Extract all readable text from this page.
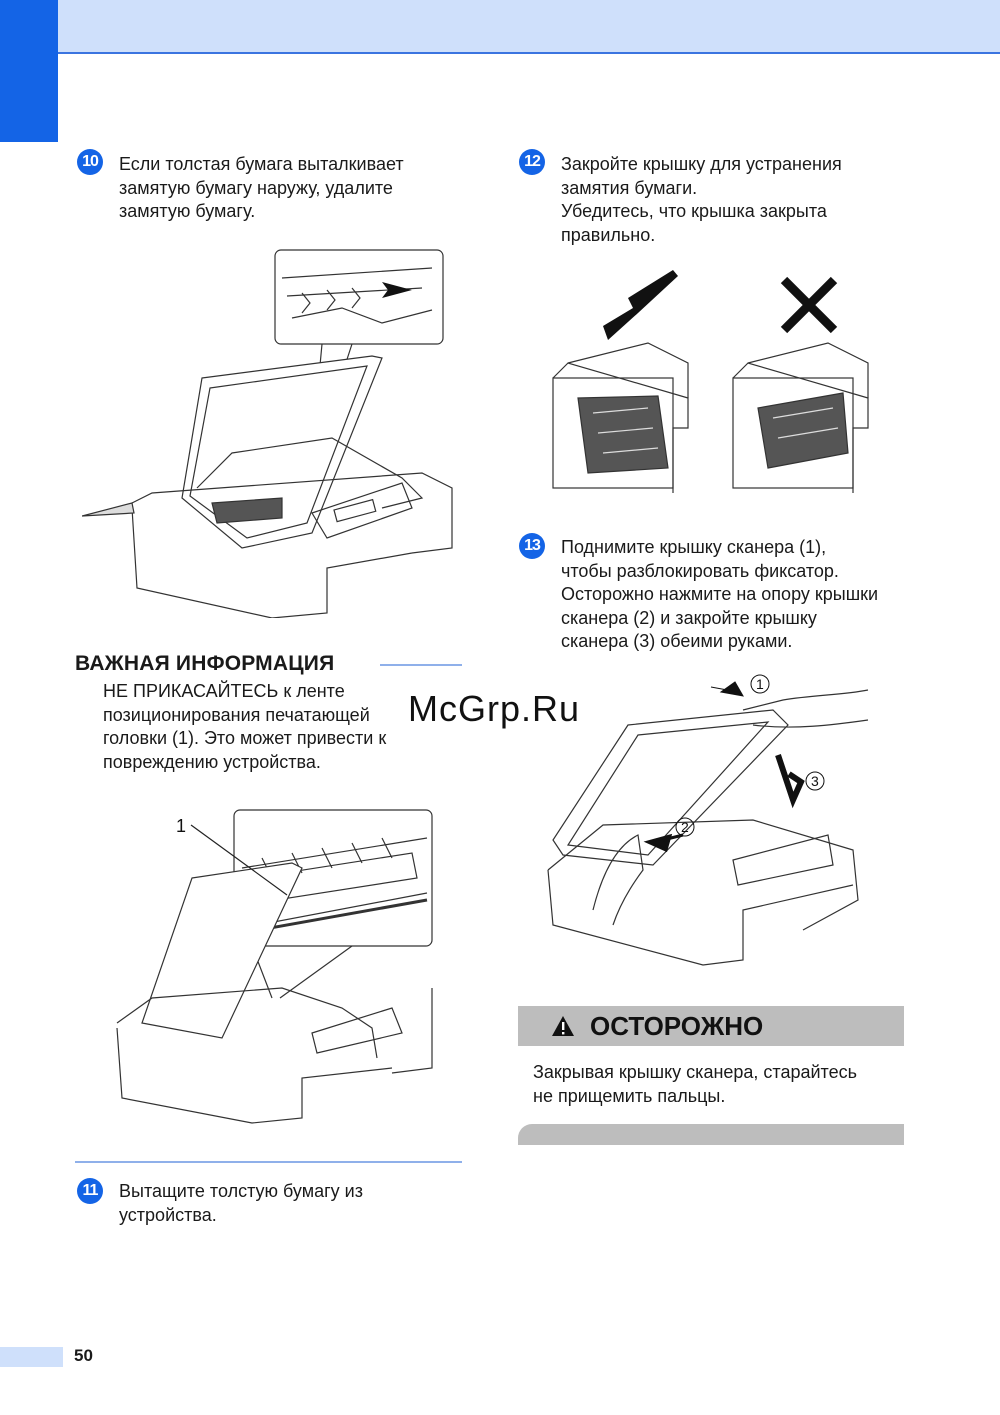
10 Если толстая бумага выталкивает
замятую бумагу наружу, удалите
замятую бумагу.
ВАЖНАЯ ИНФОРМАЦИЯ
НЕ ПРИКАСАЙТЕСЬ к ленте
позиционирования печатающей
головки (1). Это может привести к
повреждению устройства.
1
11	Вытащите толстую бумагу из
устройства.
12 Закройте крышку для устранения
замятия бумаги.
Убедитесь, что крышка закрыта
правильно.
13 Поднимите крышку сканера (1),
чтобы разблокировать фиксатор.
Осторожно нажмите на опору крышки
сканера (2) и закройте крышку
сканера (3) обеими руками.
1
2
3
ОСТОРОЖНО
Закрывая крышку сканера, старайтесь
не прищемить пальцы.
McGrp.Ru
50
